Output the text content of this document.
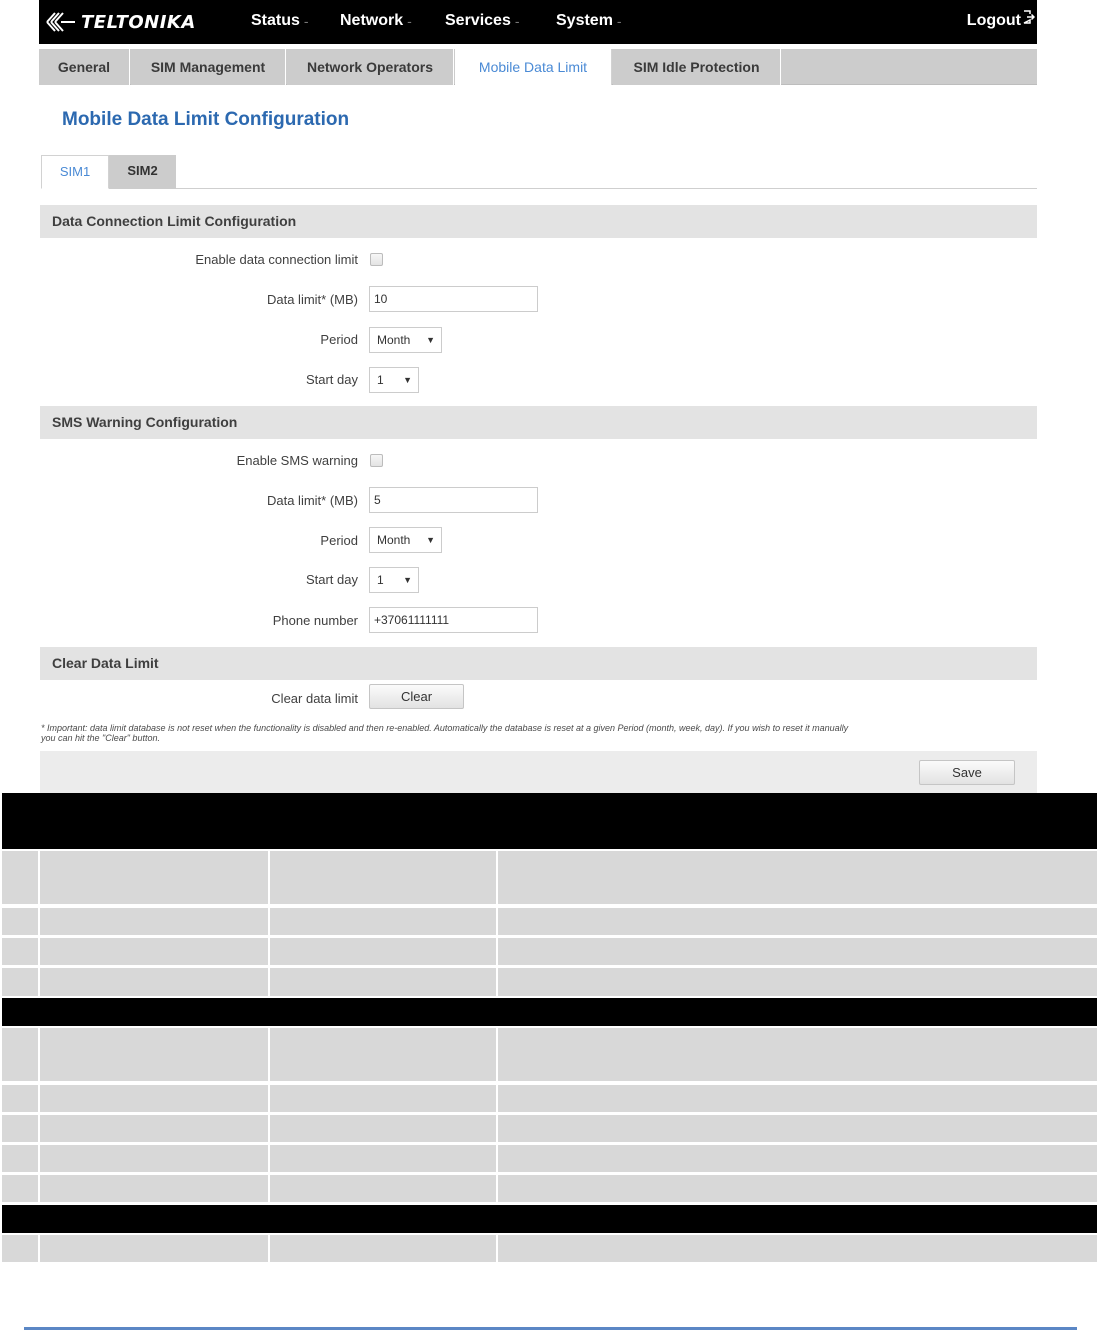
TELTONIKA	Status - Network - Services - System -	Logout
General	SIM Management	Network Operators	Mobile Data Limit	SIM Idle Protection
Mobile Data Limit Configuration
SIM1	SIM2
Data Connection Limit Configuration
Enable data connection limit
Data limit* (MB)	10
Period	Month ▼
Start day	1 ▼
SMS Warning Configuration
Enable SMS warning
Data limit* (MB)	5
Period	Month ▼
Start day	1 ▼
Phone number	+37061111111
Clear Data Limit
Clear data limit	Clear
* Important: data limit database is not reset when the functionality is disabled and then re-enabled. Automatically the database is reset at a given Period (month, week, day). If you wish to reset it manually
you can hit the "Clear" button.
Save
